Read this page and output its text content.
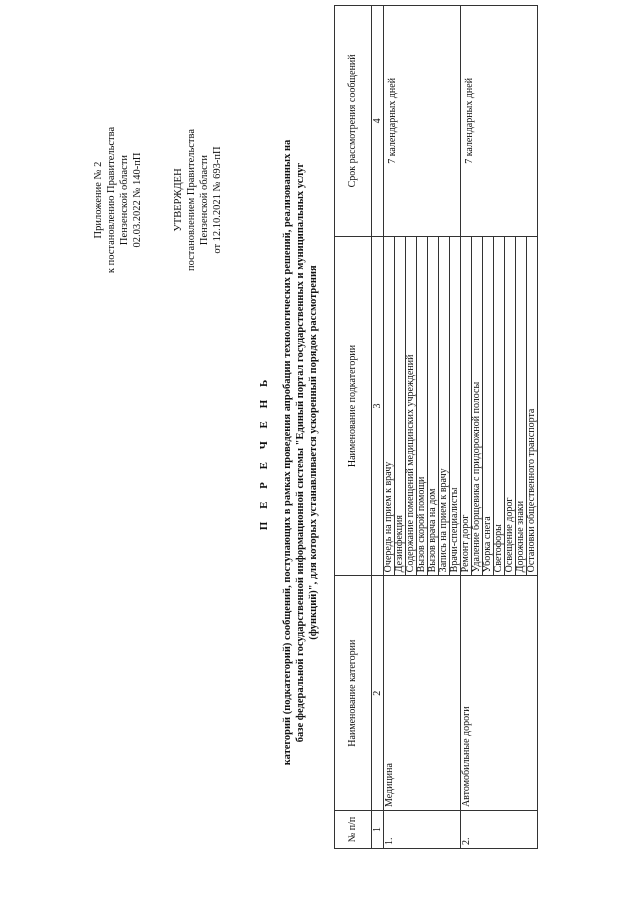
Приложение № 2 к постановлению Правительства Пензенской области 02.03.2022 № 140-пП	УТВЕРЖДЕН постановлением Правительства Пензенской области от 12.10.2021 № 693-пП
П Е Р Е Ч Е Н Ь категорий (подкатегорий) сообщений, поступающих в рамках проведения апробации технологических решений, реализованных на базе федеральной государственной информационной системы "Единый портал государственных и муниципальных услуг (функций)", для которых устанавливается ускоренный порядок рассмотрения
№ п/п	Наименование категории	Наименование подкатегории	Срок рассмотрения сообщений
1	2	3	4
1.	Медицина	Очередь на прием к врачу	7 календарных дней
		Дезинфекция	
		Содержание помещений медицинских учреждений	
		Вызов скорой помощи	
		Вызов врача на дом	
		Запись на прием к врачу	
		Врачи-специалисты	
2.	Автомобильные дороги	Ремонт дорог	7 календарных дней
		Удаление борщевика с придорожной полосы	
		Уборка снега	
		Светофоры	
		Освещение дорог	
		Дорожные знаки	
		Остановки общественного транспорта	
